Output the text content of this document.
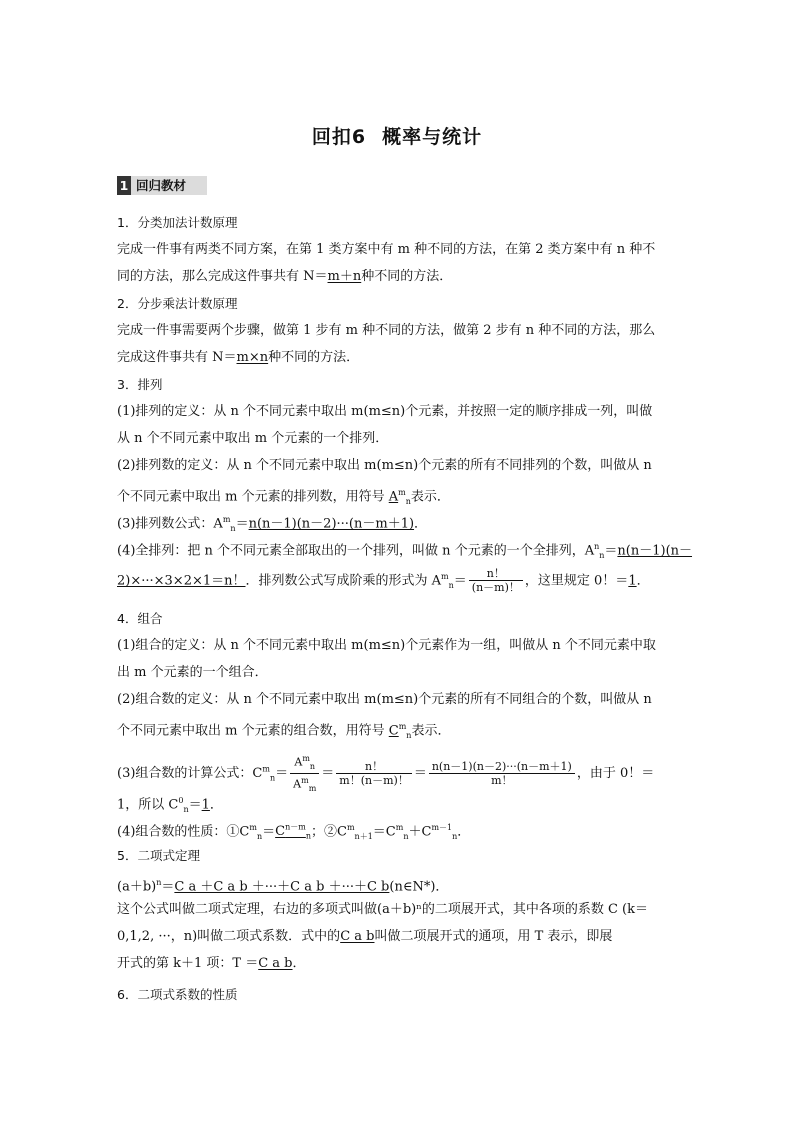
回扣6 概率与统计
1 回归教材
1．分类加法计数原理
完成一件事有两类不同方案，在第 1 类方案中有 m 种不同的方法，在第 2 类方案中有 n 种不
同的方法，那么完成这件事共有 N＝m＋n种不同的方法．
2．分步乘法计数原理
完成一件事需要两个步骤，做第 1 步有 m 种不同的方法，做第 2 步有 n 种不同的方法，那么
完成这件事共有 N＝m×n种不同的方法．
3．排列
(1)排列的定义：从 n 个不同元素中取出 m(m≤n)个元素，并按照一定的顺序排成一列，叫做
从 n 个不同元素中取出 m 个元素的一个排列．
(2)排列数的定义：从 n 个不同元素中取出 m(m≤n)个元素的所有不同排列的个数，叫做从 n
个不同元素中取出 m 个元素的排列数，用符号 $A^m_n$表示．
(3)排列数公式：$A^m_n=n(n-1)(n-2)\cdot\cdot\cdot(n-m+1)$．
(4)全排列：把 n 个不同元素全部取出的一个排列，叫做 n 个元素的一个全排列，$A^n_n=n(n-1)(n-$
2)×···×3×2×1＝n！．排列数公式写成阶乘的形式为 $A^m_n= \frac{n!}{(n-m)!}$ ，这里规定 0！＝1．
4．组合
(1)组合的定义：从 n 个不同元素中取出 m(m≤n)个元素作为一组，叫做从 n 个不同元素中取
出 m 个元素的一个组合．
(2)组合数的定义：从 n 个不同元素中取出 m(m≤n)个元素的所有不同组合的个数，叫做从 n
个不同元素中取出 m 个元素的组合数，用符号 $C^m_n$表示．
(3)组合数的计算公式：$C^m_n= \frac{A^m_n}{A^m_m} = \frac{n!}{m!(n-m)!} = \frac{n(n-1)(n-2)\cdot\cdot\cdot(n-m+1)}{m!}$ ，由于 0！＝
1，所以 $C^0_n=1$．
(4)组合数的性质：$①C^m_n=C^{n-m}_n$；$②C^m_{n+1}=C^m_n+C^{m-1}_n$．
5．二项式定理
$(a+b)^n=C$ a ＋C a b ＋···＋C a b ＋···＋C b(n∈N*)．
这个公式叫做二项式定理，右边的多项式叫做(a＋b)ⁿ的二项展开式，其中各项的系数 C (k＝
0,1,2, ···，n)叫做二项式系数．式中的C a b叫做二项展开式的通项，用 T 表示，即展
开式的第 k＋1 项：T ＝C a b．
6．二项式系数的性质
